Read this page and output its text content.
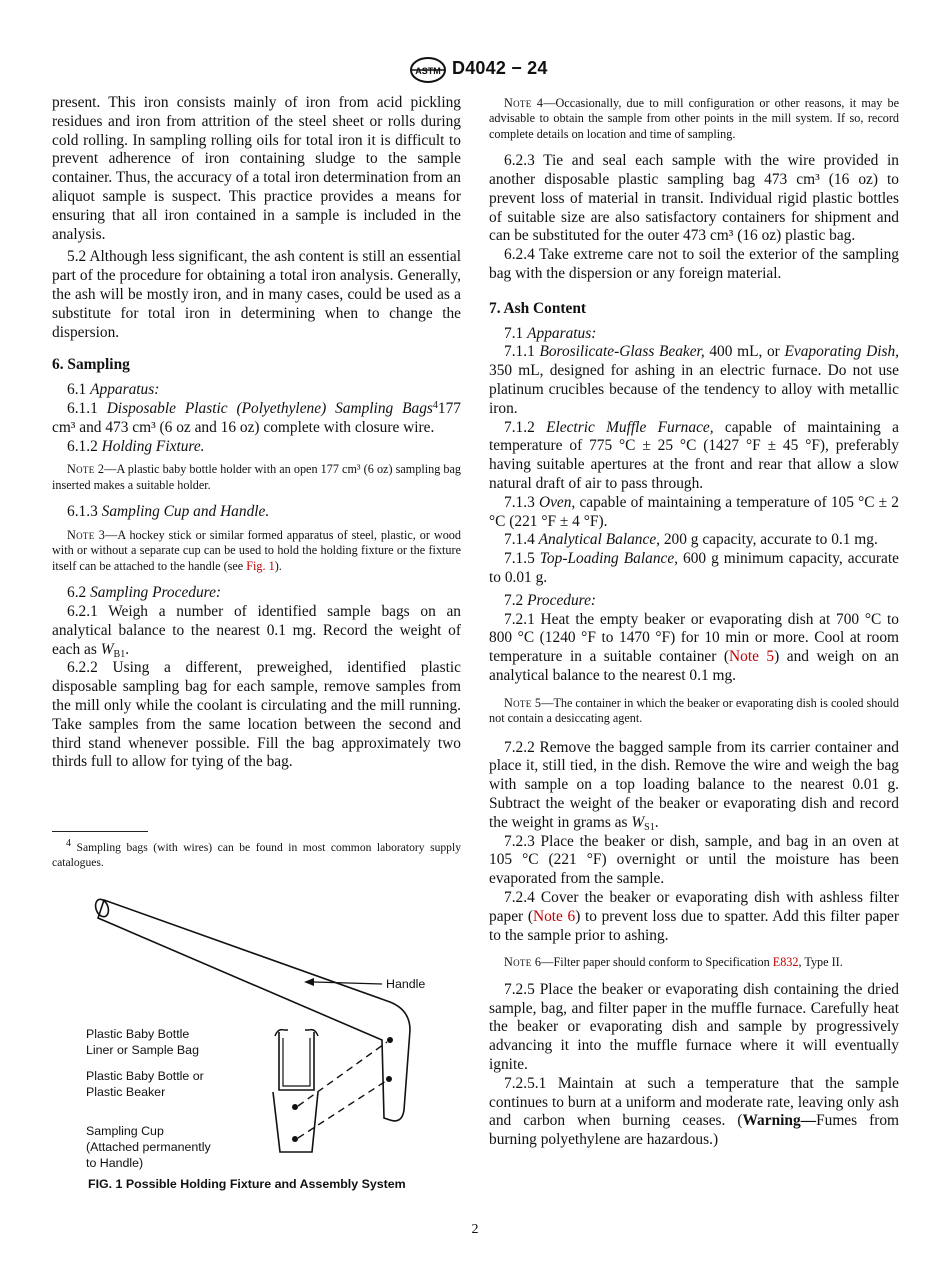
ASTM D4042 − 24

present. This iron consists mainly of iron from acid pickling residues and iron from attrition of the steel sheet or rolls during cold rolling. In sampling rolling oils for total iron it is difficult to prevent adherence of iron containing sludge to the sample container. Thus, the accuracy of a total iron determination from an aliquot sample is suspect. This practice provides a means for ensuring that all iron contained in a sample is included in the analysis.

5.2 Although less significant, the ash content is still an essential part of the procedure for obtaining a total iron analysis. Generally, the ash will be mostly iron, and in many cases, could be used as a substitute for total iron in determining when to change the dispersion.

6. Sampling

6.1 Apparatus:

6.1.1 Disposable Plastic (Polyethylene) Sampling Bags$^4$177 cm³ and 473 cm³ (6 oz and 16 oz) complete with closure wire.

6.1.2 Holding Fixture.

Note 2—A plastic baby bottle holder with an open 177 cm³ (6 oz) sampling bag inserted makes a suitable holder.

6.1.3 Sampling Cup and Handle.

Note 3—A hockey stick or similar formed apparatus of steel, plastic, or wood with or without a separate cup can be used to hold the holding fixture or the fixture itself can be attached to the handle (see Fig. 1).

6.2 Sampling Procedure:

6.2.1 Weigh a number of identified sample bags on an analytical balance to the nearest 0.1 mg. Record the weight of each as $W_{B1}$.

6.2.2 Using a different, preweighed, identified plastic disposable sampling bag for each sample, remove samples from the mill only while the coolant is circulating and the mill running. Take samples from the same location between the second and third stand whenever possible. Fill the bag approximately two thirds full to allow for tying of the bag.

$^4$ Sampling bags (with wires) can be found in most common laboratory supply catalogues.
Handle
Plastic Baby Bottle
Liner or Sample Bag
Plastic Baby Bottle or
Plastic Beaker
Sampling Cup
(Attached permanently
to Handle)
FIG. 1 Possible Holding Fixture and Assembly System

Note 4—Occasionally, due to mill configuration or other reasons, it may be advisable to obtain the sample from other points in the mill system. If so, record complete details on location and time of sampling.

6.2.3 Tie and seal each sample with the wire provided in another disposable plastic sampling bag 473 cm³ (16 oz) to prevent loss of material in transit. Individual rigid plastic bottles of suitable size are also satisfactory containers for shipment and can be substituted for the outer 473 cm³ (16 oz) plastic bag.

6.2.4 Take extreme care not to soil the exterior of the sampling bag with the dispersion or any foreign material.

7. Ash Content

7.1 Apparatus:

7.1.1 Borosilicate-Glass Beaker, 400 mL, or Evaporating Dish, 350 mL, designed for ashing in an electric furnace. Do not use platinum crucibles because of the tendency to alloy with metallic iron.

7.1.2 Electric Muffle Furnace, capable of maintaining a temperature of 775 °C ± 25 °C (1427 °F ± 45 °F), preferably having suitable apertures at the front and rear that allow a slow natural draft of air to pass through.

7.1.3 Oven, capable of maintaining a temperature of 105 °C ± 2 °C (221 °F ± 4 °F).

7.1.4 Analytical Balance, 200 g capacity, accurate to 0.1 mg.

7.1.5 Top-Loading Balance, 600 g minimum capacity, accurate to 0.01 g.

7.2 Procedure:

7.2.1 Heat the empty beaker or evaporating dish at 700 °C to 800 °C (1240 °F to 1470 °F) for 10 min or more. Cool at room temperature in a suitable container (Note 5) and weigh on an analytical balance to the nearest 0.1 mg.

Note 5—The container in which the beaker or evaporating dish is cooled should not contain a desiccating agent.

7.2.2 Remove the bagged sample from its carrier container and place it, still tied, in the dish. Remove the wire and weigh the bag with sample on a top loading balance to the nearest 0.01 g. Subtract the weight of the beaker or evaporating dish and record the weight in grams as $W_{S1}$.

7.2.3 Place the beaker or dish, sample, and bag in an oven at 105 °C (221 °F) overnight or until the moisture has been evaporated from the sample.

7.2.4 Cover the beaker or evaporating dish with ashless filter paper (Note 6) to prevent loss due to spatter. Add this filter paper to the sample prior to ashing.

Note 6—Filter paper should conform to Specification E832, Type II.

7.2.5 Place the beaker or evaporating dish containing the dried sample, bag, and filter paper in the muffle furnace. Carefully heat the beaker or evaporating dish and sample by progressively advancing it into the muffle furnace where it will eventually ignite.

7.2.5.1 Maintain at such a temperature that the sample continues to burn at a uniform and moderate rate, leaving only ash and carbon when burning ceases. (Warning—Fumes from burning polyethylene are hazardous.)

2
